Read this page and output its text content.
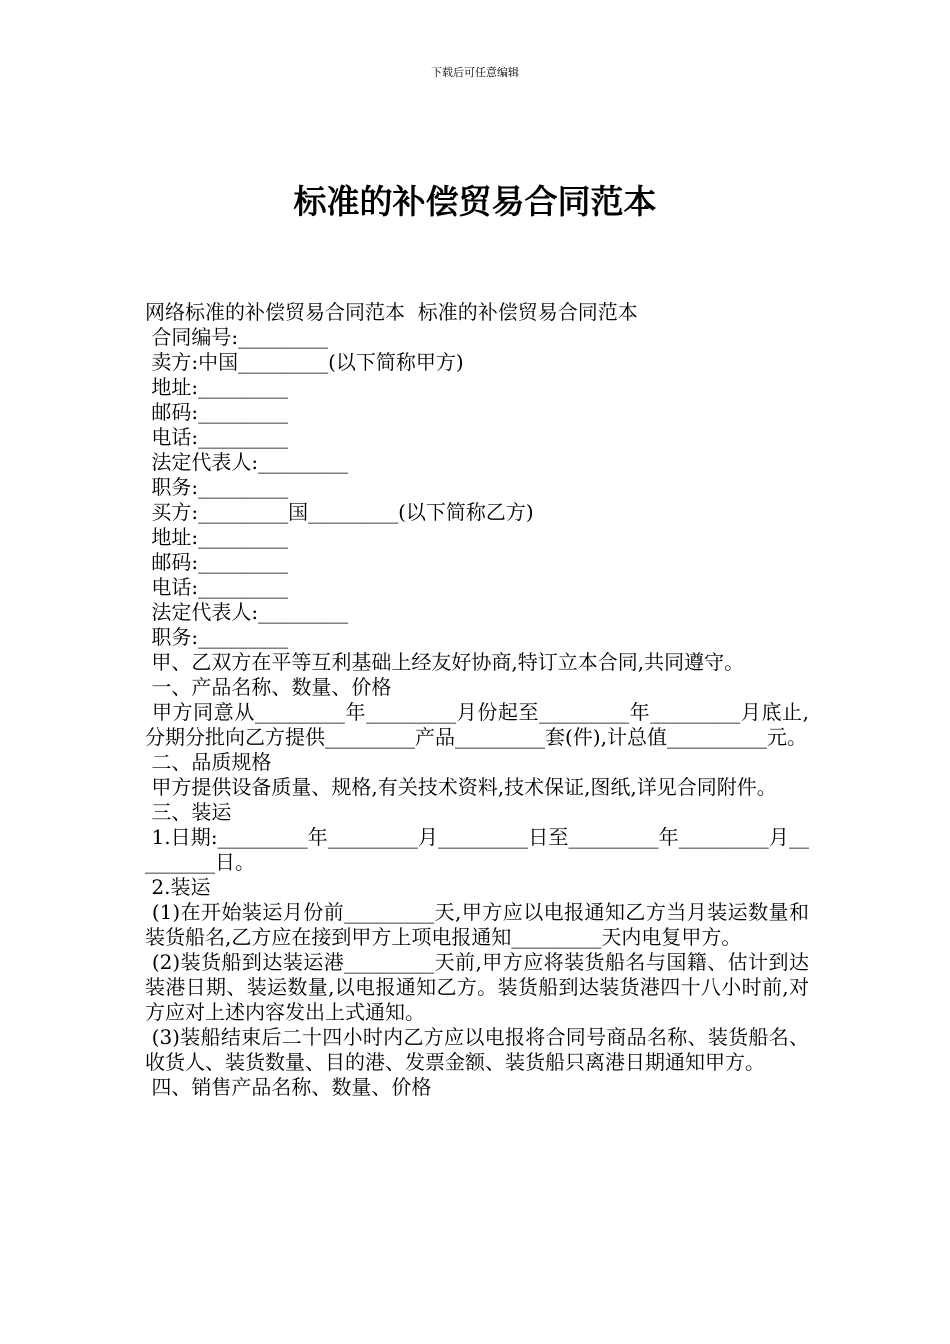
下载后可任意编辑
标准的补偿贸易合同范本

网络标准的补偿贸易合同范本  标准的补偿贸易合同范本

合同编号:_________

卖方:中国_________(以下简称甲方)

地址:_________

邮码:_________

电话:_________

法定代表人:_________

职务:_________

买方:_________国_________(以下简称乙方)

地址:_________

邮码:_________

电话:_________

法定代表人:_________

职务:_________

甲、乙双方在平等互利基础上经友好协商,特订立本合同,共同遵守。

一、产品名称、数量、价格

甲方同意从_________年_________月份起至_________年_________月底止,分期分批向乙方提供_________产品_________套(件),计总值__________元。

二、品质规格

甲方提供设备质量、规格,有关技术资料,技术保证,图纸,详见合同附件。

三、装运

1.日期:_________年_________月_________日至_________年_________月_________日。

2.装运

(1)在开始装运月份前_________天,甲方应以电报通知乙方当月装运数量和装货船名,乙方应在接到甲方上项电报通知_________天内电复甲方。

(2)装货船到达装运港_________天前,甲方应将装货船名与国籍、估计到达装港日期、装运数量,以电报通知乙方。装货船到达装货港四十八小时前,对方应对上述内容发出上式通知。

(3)装船结束后二十四小时内乙方应以电报将合同号商品名称、装货船名、收货人、装货数量、目的港、发票金额、装货船只离港日期通知甲方。

四、销售产品名称、数量、价格
